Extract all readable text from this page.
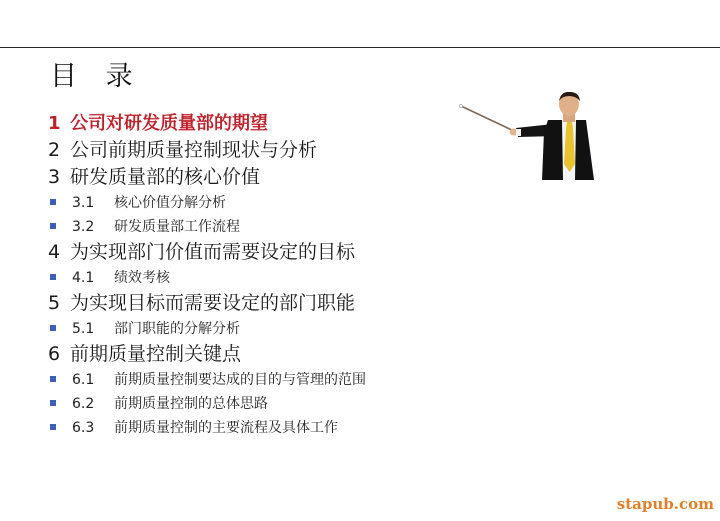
目 录
1 公司对研发质量部的期望
2 公司前期质量控制现状与分析
3 研发质量部的核心价值
3.1 核心价值分解分析
3.2 研发质量部工作流程
4 为实现部门价值而需要设定的目标
4.1 绩效考核
5 为实现目标而需要设定的部门职能
5.1 部门职能的分解分析
6 前期质量控制关键点
6.1 前期质量控制要达成的目的与管理的范围
6.2 前期质量控制的总体思路
6.3 前期质量控制的主要流程及具体工作
stapub.com
